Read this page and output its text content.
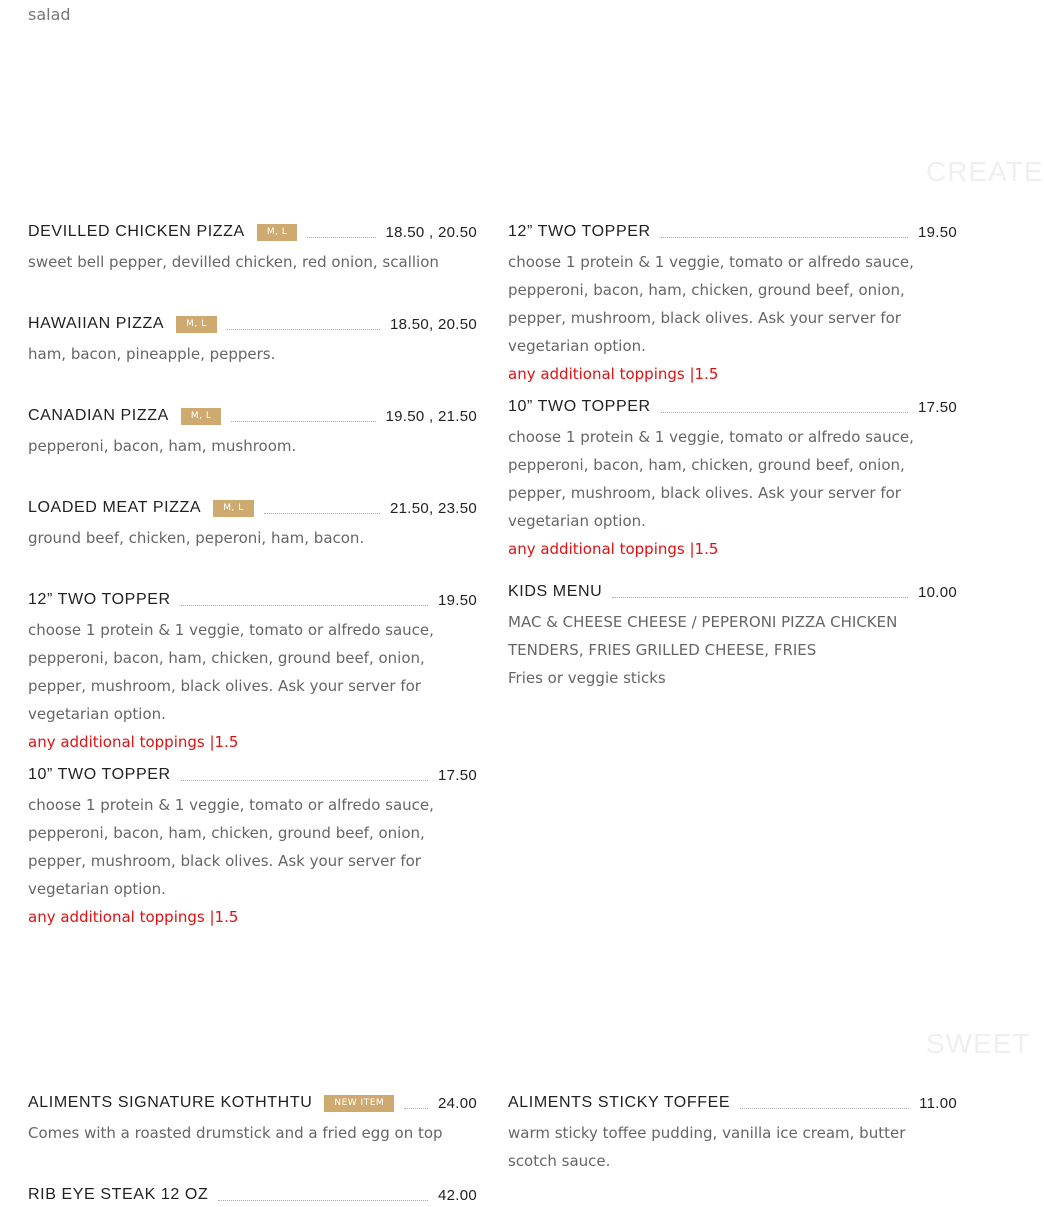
salad
CREATE
DEVILLED CHICKEN PIZZA	M, L	18.50 , 20.50
sweet bell pepper, devilled chicken, red onion, scallion
HAWAIIAN PIZZA	M, L	18.50, 20.50
ham, bacon, pineapple, peppers.
CANADIAN PIZZA	M, L	19.50 , 21.50
pepperoni, bacon, ham, mushroom.
LOADED MEAT PIZZA	M, L	21.50, 23.50
ground beef, chicken, peperoni, ham, bacon.
12” TWO TOPPER	19.50
choose 1 protein & 1 veggie, tomato or alfredo sauce, pepperoni, bacon, ham, chicken, ground beef, onion, pepper, mushroom, black olives. Ask your server for vegetarian option.
any additional toppings |1.5
10” TWO TOPPER	17.50
choose 1 protein & 1 veggie, tomato or alfredo sauce, pepperoni, bacon, ham, chicken, ground beef, onion, pepper, mushroom, black olives. Ask your server for vegetarian option.
any additional toppings |1.5
12” TWO TOPPER	19.50
choose 1 protein & 1 veggie, tomato or alfredo sauce, pepperoni, bacon, ham, chicken, ground beef, onion, pepper, mushroom, black olives. Ask your server for vegetarian option.
any additional toppings |1.5
10” TWO TOPPER	17.50
choose 1 protein & 1 veggie, tomato or alfredo sauce, pepperoni, bacon, ham, chicken, ground beef, onion, pepper, mushroom, black olives. Ask your server for vegetarian option.
any additional toppings |1.5
KIDS MENU	10.00
MAC & CHEESE CHEESE / PEPERONI PIZZA CHICKEN TENDERS, FRIES GRILLED CHEESE, FRIES
Fries or veggie sticks
SWEET
ALIMENTS SIGNATURE KOTHTHTU	NEW ITEM	24.00
Comes with a roasted drumstick and a fried egg on top
RIB EYE STEAK 12 OZ	42.00
ALIMENTS STICKY TOFFEE	11.00
warm sticky toffee pudding, vanilla ice cream, butter scotch sauce.
